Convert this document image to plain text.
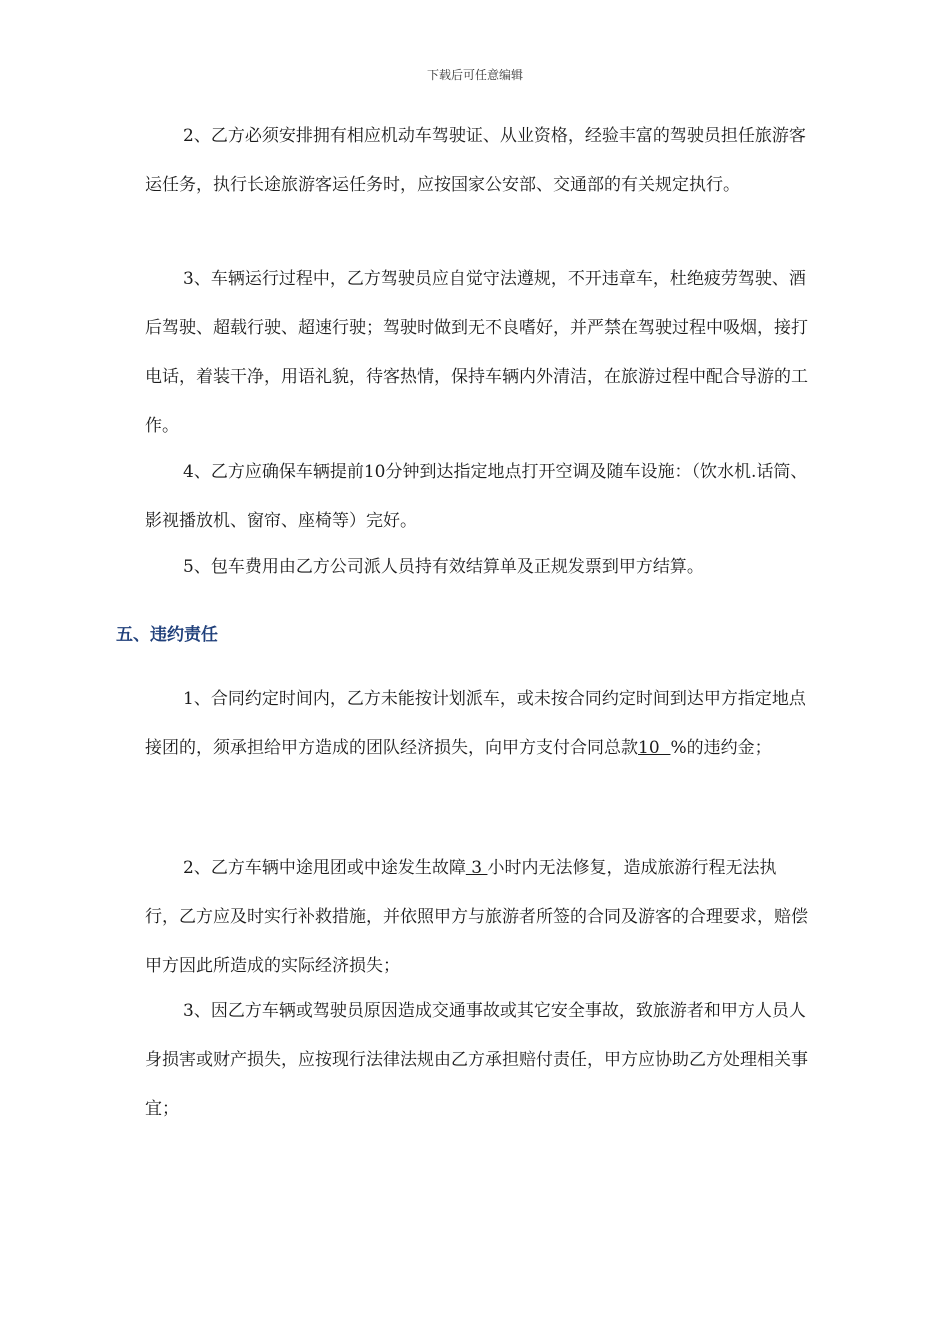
下载后可任意编辑

2、乙方必须安排拥有相应机动车驾驶证、从业资格，经验丰富的驾驶员担任旅游客运任务，执行长途旅游客运任务时，应按国家公安部、交通部的有关规定执行。

3、车辆运行过程中，乙方驾驶员应自觉守法遵规，不开违章车，杜绝疲劳驾驶、酒后驾驶、超载行驶、超速行驶；驾驶时做到无不良嗜好，并严禁在驾驶过程中吸烟，接打电话，着装干净，用语礼貌，待客热情，保持车辆内外清洁，在旅游过程中配合导游的工作。

4、乙方应确保车辆提前10分钟到达指定地点打开空调及随车设施：（饮水机.话筒、影视播放机、窗帘、座椅等）完好。

5、包车费用由乙方公司派人员持有效结算单及正规发票到甲方结算。

五、违约责任

1、合同约定时间内，乙方未能按计划派车，或未按合同约定时间到达甲方指定地点接团的，须承担给甲方造成的团队经济损失，向甲方支付合同总款10  %的违约金；

2、乙方车辆中途甩团或中途发生故障 3 小时内无法修复，造成旅游行程无法执行，乙方应及时实行补救措施，并依照甲方与旅游者所签的合同及游客的合理要求，赔偿甲方因此所造成的实际经济损失；

3、因乙方车辆或驾驶员原因造成交通事故或其它安全事故，致旅游者和甲方人员人身损害或财产损失，应按现行法律法规由乙方承担赔付责任，甲方应协助乙方处理相关事宜；
